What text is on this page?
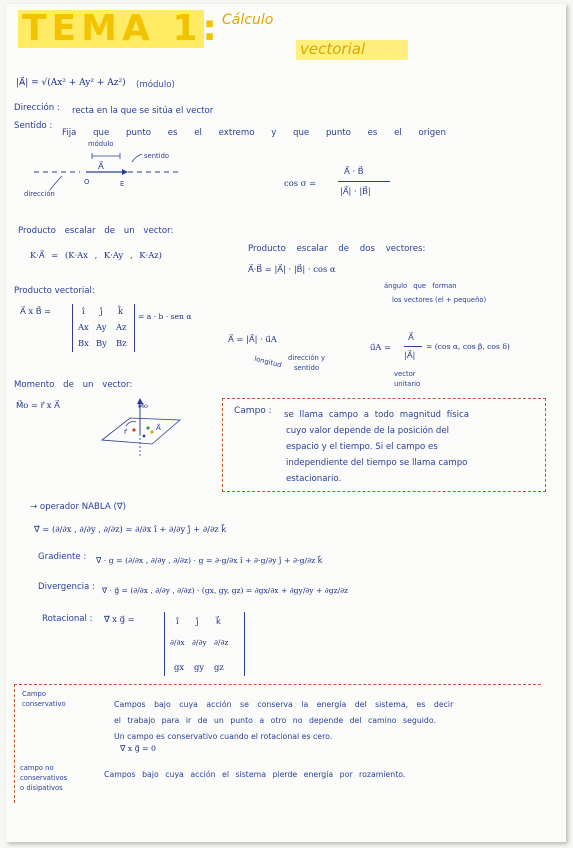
TEMA 1: Cálculo
vectorial
|A⃗| = √(Ax² + Ay² + Az²) (módulo)
Dirección : recta en la que se sitúa el vector
Sentido :
Fija que punto es el extremo y que punto es el origen
módulo
sentido
A⃗
O	E
dirección
cos σ =
A⃗ · B⃗
|A⃗| · |B⃗|
Producto escalar de un vector:
K·A⃗ = (K·Ax , K·Ay , K·Az)
Producto escalar de dos vectores:
A⃗·B⃗ = |A⃗| · |B⃗| · cos α
ángulo que forman
los vectores (el + pequeño)
Producto vectorial:
A⃗ x B⃗ =	î ĵ k̂
Ax Ay Az
Bx By Bz
= a · b · sen α
A⃗ = |A⃗| · u⃗A
dirección y
sentido
longitud
u⃗A =
A⃗
|A⃗|
= (cos α, cos β, cos δ)
vector
unitario
Momento de un vector:
M⃗o = r⃗ x A⃗	M⃗o
r⃗	A⃗
Campo : se llama campo a todo magnitud física
cuyo valor depende de la posición del
espacio y el tiempo. Si el campo es
independiente del tiempo se llama campo
estacionario.
→ operador NABLA (∇⃗)
∇⃗ = (∂/∂x , ∂/∂y , ∂/∂z) = ∂/∂x î + ∂/∂y ĵ + ∂/∂z k⃗
Gradiente : ∇⃗ · g = (∂/∂x , ∂/∂y , ∂/∂z) · g = ∂·g/∂x î + ∂·g/∂y ĵ + ∂·g/∂z k⃗
Divergencia : ∇⃗ · g⃗ = (∂/∂x , ∂/∂y , ∂/∂z) · (gx, gy, gz) = ∂gx/∂x + ∂gy/∂y + ∂gz/∂z
Rotacional : ∇⃗ x g⃗ =	î ĵ k⃗
∂/∂x ∂/∂y ∂/∂z
gx gy gz
Campo
conservativo	Campos bajo cuya acción se conserva la energía del sistema, es decir
el trabajo para ir de un punto a otro no depende del camino seguido.
Un campo es conservativo cuando el rotacional es cero.
∇⃗ x g⃗ = 0
campo no
conservativos
o disipativos
Campos bajo cuya acción el sistema pierde energía por rozamiento.
